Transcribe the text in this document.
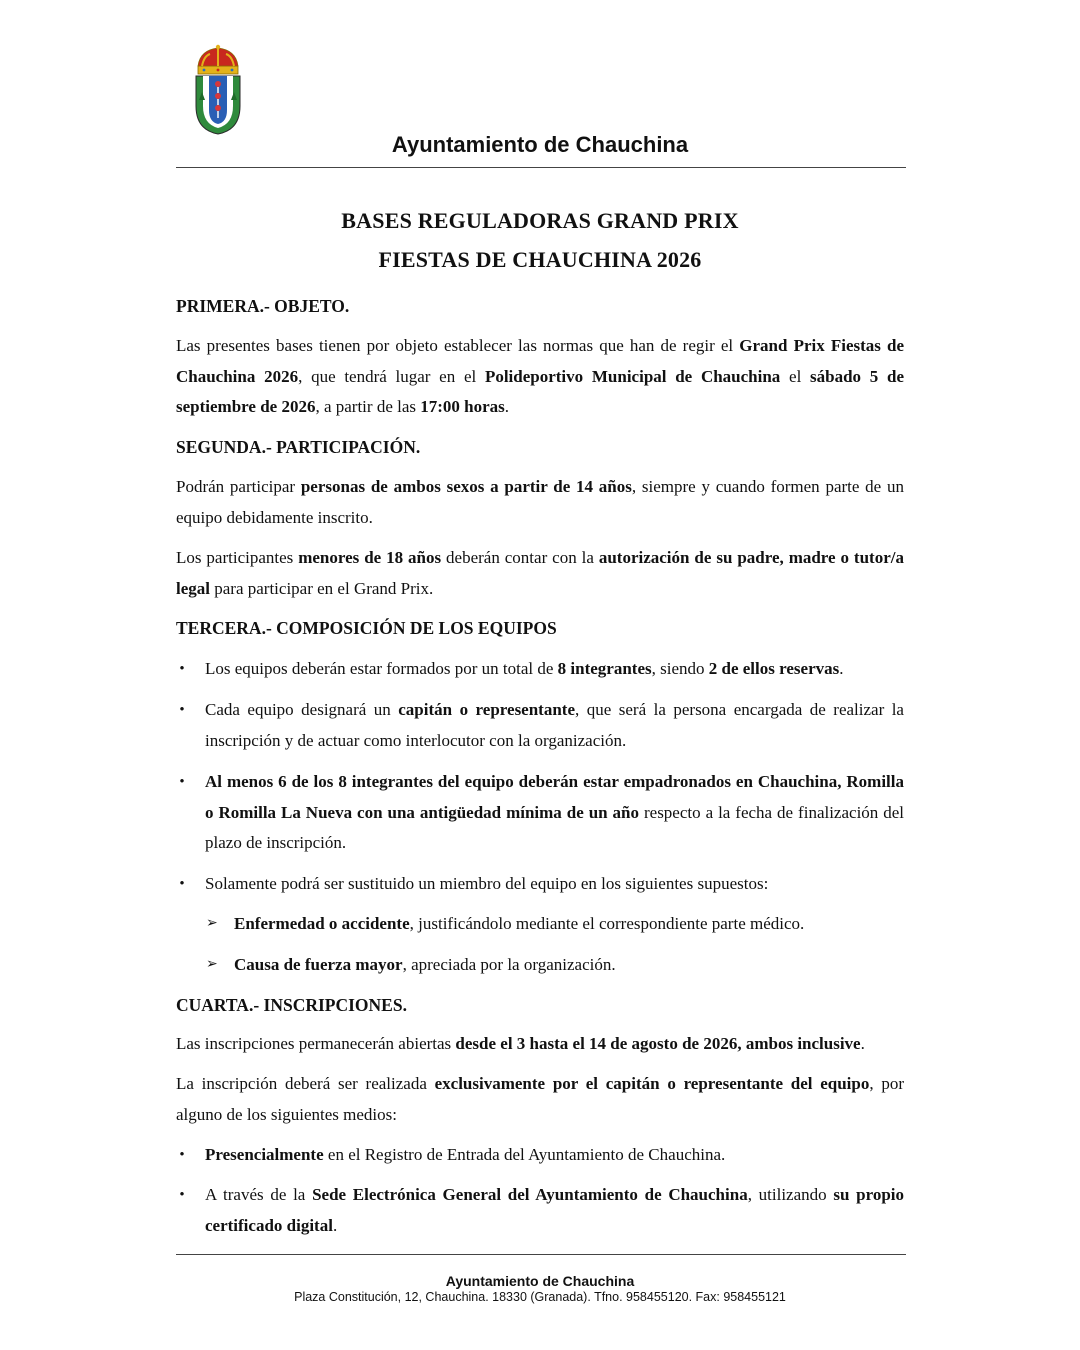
Ayuntamiento de Chauchina
BASES REGULADORAS GRAND PRIX
FIESTAS DE CHAUCHINA 2026
PRIMERA.- OBJETO.
Las presentes bases tienen por objeto establecer las normas que han de regir el Grand Prix Fiestas de Chauchina 2026, que tendrá lugar en el Polideportivo Municipal de Chauchina el sábado 5 de septiembre de 2026, a partir de las 17:00 horas.
SEGUNDA.- PARTICIPACIÓN.
Podrán participar personas de ambos sexos a partir de 14 años, siempre y cuando formen parte de un equipo debidamente inscrito.
Los participantes menores de 18 años deberán contar con la autorización de su padre, madre o tutor/a legal para participar en el Grand Prix.
TERCERA.- COMPOSICIÓN DE LOS EQUIPOS
• Los equipos deberán estar formados por un total de 8 integrantes, siendo 2 de ellos reservas.
• Cada equipo designará un capitán o representante, que será la persona encargada de realizar la inscripción y de actuar como interlocutor con la organización.
• Al menos 6 de los 8 integrantes del equipo deberán estar empadronados en Chauchina, Romilla o Romilla La Nueva con una antigüedad mínima de un año respecto a la fecha de finalización del plazo de inscripción.
• Solamente podrá ser sustituido un miembro del equipo en los siguientes supuestos:
➢ Enfermedad o accidente, justificándolo mediante el correspondiente parte médico.
➢ Causa de fuerza mayor, apreciada por la organización.
CUARTA.- INSCRIPCIONES.
Las inscripciones permanecerán abiertas desde el 3 hasta el 14 de agosto de 2026, ambos inclusive.
La inscripción deberá ser realizada exclusivamente por el capitán o representante del equipo, por alguno de los siguientes medios:
• Presencialmente en el Registro de Entrada del Ayuntamiento de Chauchina.
• A través de la Sede Electrónica General del Ayuntamiento de Chauchina, utilizando su propio certificado digital.
Ayuntamiento de Chauchina
Plaza Constitución, 12, Chauchina. 18330 (Granada). Tfno. 958455120. Fax: 958455121
